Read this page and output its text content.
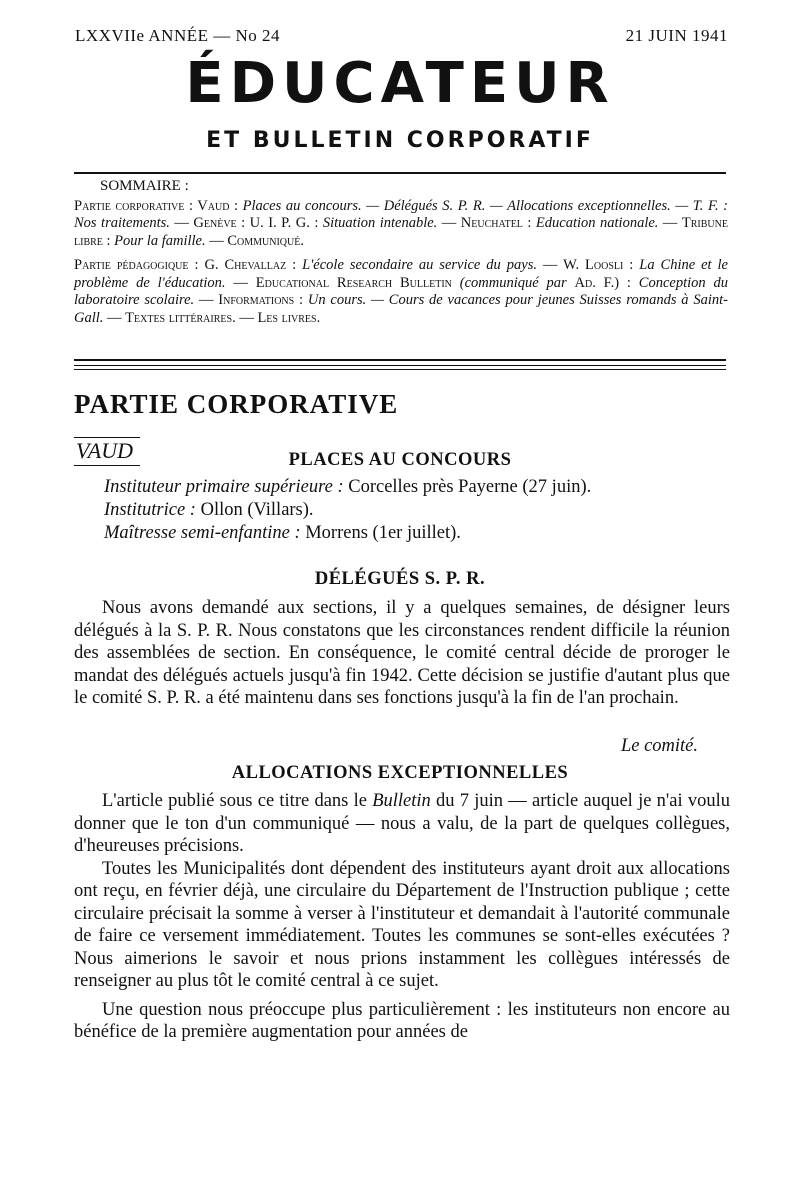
LXXVIIe ANNÉE — No 24	21 JUIN 1941
ÉDUCATEUR
ET BULLETIN CORPORATIF
SOMMAIRE :

Partie corporative : Vaud : Places au concours. — Délégués S. P. R. — Allocations exceptionnelles. — T. F. : Nos traitements. — Genève : U. I. P. G. : Situation intenable. — Neuchatel : Education nationale. — Tribune libre : Pour la famille. — Communiqué.

Partie pédagogique : G. Chevallaz : L'école secondaire au service du pays. — W. Loosli : La Chine et le problème de l'éducation. — Educational Research Bulletin (communiqué par Ad. F.) : Conception du laboratoire scolaire. — Informations : Un cours. — Cours de vacances pour jeunes Suisses romands à Saint-Gall. — Textes littéraires. — Les livres.

PARTIE CORPORATIVE
VAUD	PLACES AU CONCOURS
Instituteur primaire supérieure : Corcelles près Payerne (27 juin).
Institutrice : Ollon (Villars).
Maîtresse semi-enfantine : Morrens (1er juillet).
DÉLÉGUÉS S. P. R.

Nous avons demandé aux sections, il y a quelques semaines, de désigner leurs délégués à la S. P. R. Nous constatons que les circonstances rendent difficile la réunion des assemblées de section. En conséquence, le comité central décide de proroger le mandat des délégués actuels jusqu'à fin 1942. Cette décision se justifie d'autant plus que le comité S. P. R. a été maintenu dans ses fonctions jusqu'à la fin de l'an prochain.

Le comité.
ALLOCATIONS EXCEPTIONNELLES

L'article publié sous ce titre dans le Bulletin du 7 juin — article auquel je n'ai voulu donner que le ton d'un communiqué — nous a valu, de la part de quelques collègues, d'heureuses précisions.

Toutes les Municipalités dont dépendent des instituteurs ayant droit aux allocations ont reçu, en février déjà, une circulaire du Département de l'Instruction publique ; cette circulaire précisait la somme à verser à l'instituteur et demandait à l'autorité communale de faire ce versement immédiatement. Toutes les communes se sont-elles exécutées ? Nous aimerions le savoir et nous prions instamment les collègues intéressés de renseigner au plus tôt le comité central à ce sujet.

Une question nous préoccupe plus particulièrement : les instituteurs non encore au bénéfice de la première augmentation pour années de
